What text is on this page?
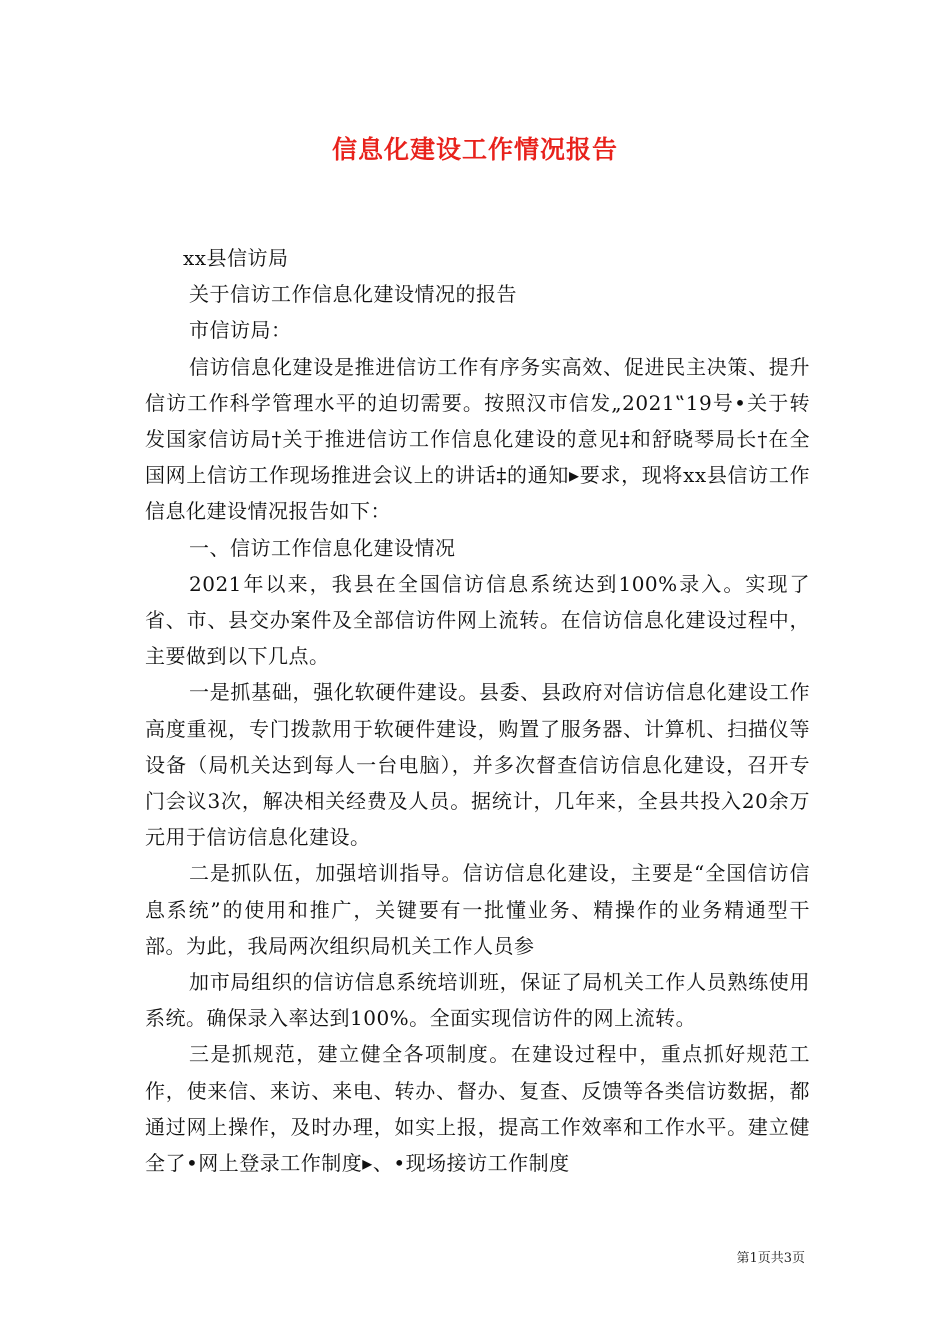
信息化建设工作情况报告

xx县信访局

关于信访工作信息化建设情况的报告

市信访局：

信访信息化建设是推进信访工作有序务实高效、促进民主决策、提升信访工作科学管理水平的迫切需要。按照汉市信发„2021‟19号•关于转发国家信访局†关于推进信访工作信息化建设的意见‡和舒晓琴局长†在全国网上信访工作现场推进会议上的讲话‡的通知▸要求，现将xx县信访工作信息化建设情况报告如下：

一、信访工作信息化建设情况

2021年以来，我县在全国信访信息系统达到100%录入。实现了省、市、县交办案件及全部信访件网上流转。在信访信息化建设过程中，主要做到以下几点。

一是抓基础，强化软硬件建设。县委、县政府对信访信息化建设工作高度重视，专门拨款用于软硬件建设，购置了服务器、计算机、扫描仪等设备（局机关达到每人一台电脑），并多次督查信访信息化建设，召开专门会议3次，解决相关经费及人员。据统计，几年来，全县共投入20余万元用于信访信息化建设。

二是抓队伍，加强培训指导。信访信息化建设，主要是“全国信访信息系统”的使用和推广，关键要有一批懂业务、精操作的业务精通型干部。为此，我局两次组织局机关工作人员参

加市局组织的信访信息系统培训班，保证了局机关工作人员熟练使用系统。确保录入率达到100%。全面实现信访件的网上流转。

三是抓规范，建立健全各项制度。在建设过程中，重点抓好规范工作，使来信、来访、来电、转办、督办、复查、反馈等各类信访数据，都通过网上操作，及时办理，如实上报，提高工作效率和工作水平。建立健全了•网上登录工作制度▸、•现场接访工作制度

第1页共3页
